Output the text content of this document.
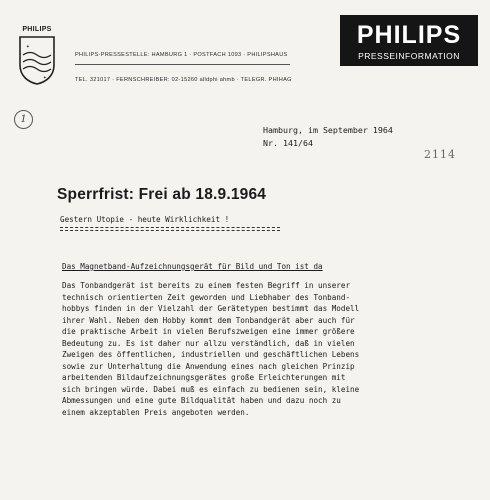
PHILIPS
✦
✦
PHILIPS-PRESSESTELLE: HAMBURG 1 · POSTFACH 1093 · PHILIPSHAUS
TEL. 321017 · FERNSCHREIBER: 02-15260 alldphi ahmb · TELEGR. PHIHAG
PHILIPS
PRESSEINFORMATION
1
2114
Hamburg, im September 1964
Nr. 141/64
Sperrfrist: Frei ab 18.9.1964
Gestern Utopie - heute Wirklichkeit !
Das Magnetband-Aufzeichnungsgerät für Bild und Ton ist da
Das Tonbandgerät ist bereits zu einem festen Begriff in unserer
technisch orientierten Zeit geworden und Liebhaber des Tonband-
hobbys finden in der Vielzahl der Gerätetypen bestimmt das Modell
ihrer Wahl. Neben dem Hobby kommt dem Tonbandgerät aber auch für
die praktische Arbeit in vielen Berufszweigen eine immer größere
Bedeutung zu. Es ist daher nur allzu verständlich, daß in vielen
Zweigen des öffentlichen, industriellen und geschäftlichen Lebens
sowie zur Unterhaltung die Anwendung eines nach gleichen Prinzip
arbeitenden Bildaufzeichnungsgerätes große Erleichterungen mit
sich bringen würde. Dabei muß es einfach zu bedienen sein, kleine
Abmessungen und eine gute Bildqualität haben und dazu noch zu
einem akzeptablen Preis angeboten werden.
